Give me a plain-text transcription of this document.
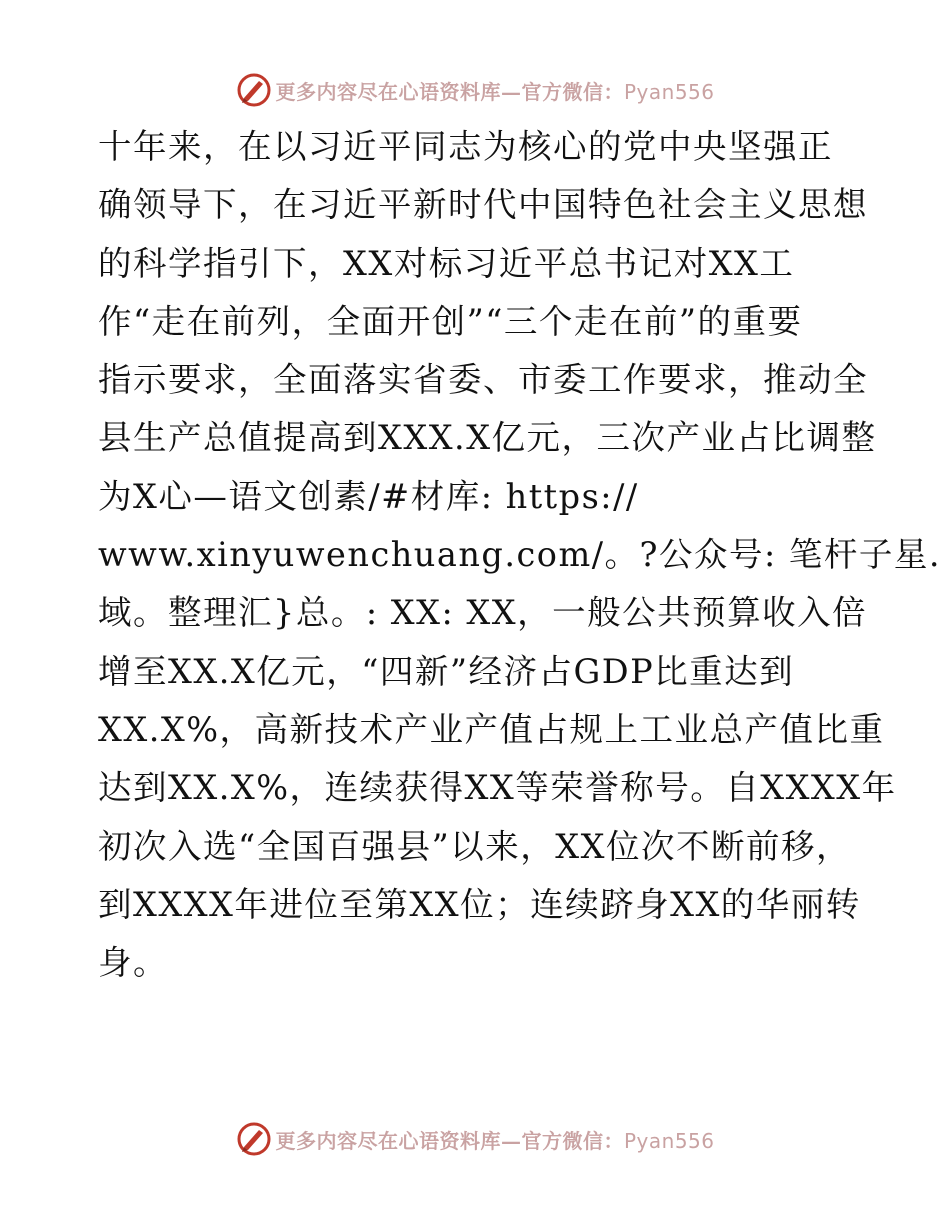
更多内容尽在心语资料库—官方微信：Pyan556
十年来，在以习近平同志为核心的党中央坚强正
确领导下，在习近平新时代中国特色社会主义思想
的科学指引下，XX对标习近平总书记对XX工
作“走在前列，全面开创”“三个走在前”的重要
指示要求，全面落实省委、市委工作要求，推动全
县生产总值提高到XXX.X亿元，三次产业占比调整
为X心—语文创素/#材库: https://
www.xinyuwenchuang.com/。?公众号: 笔杆子星.
域。整理汇}总。: XX: XX，一般公共预算收入倍
增至XX.X亿元，“四新”经济占GDP比重达到
XX.X%，高新技术产业产值占规上工业总产值比重
达到XX.X%，连续获得XX等荣誉称号。自XXXX年
初次入选“全国百强县”以来，XX位次不断前移，
到XXXX年进位至第XX位；连续跻身XX的华丽转
身。
更多内容尽在心语资料库—官方微信：Pyan556
